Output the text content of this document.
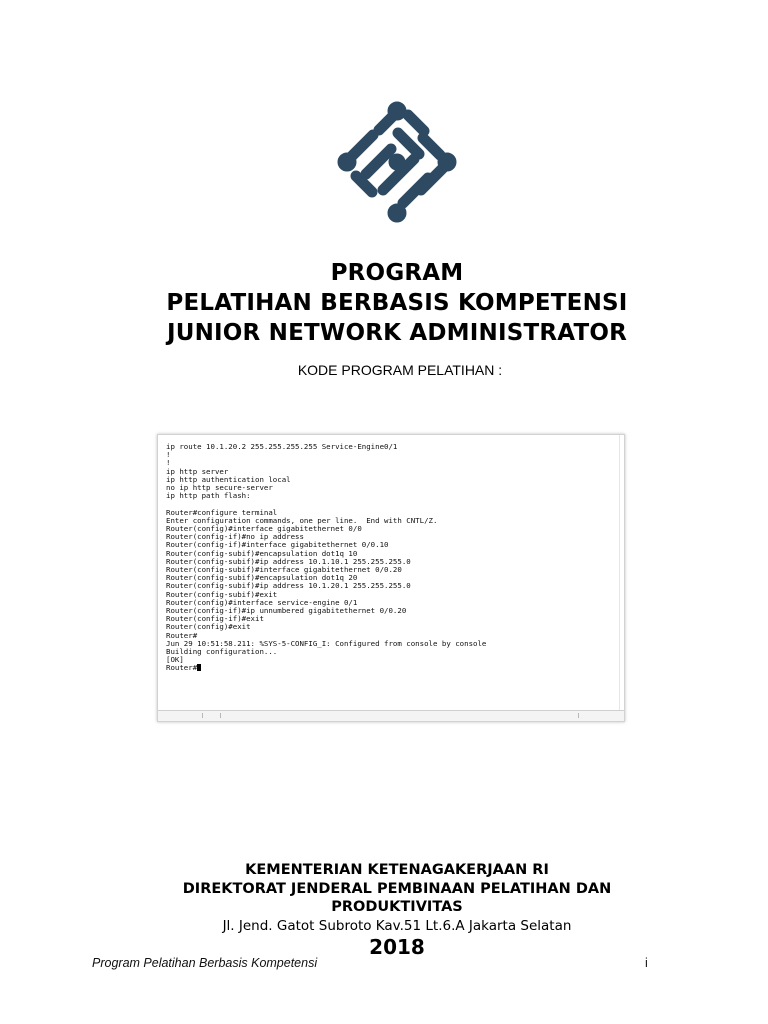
PROGRAM
PELATIHAN BERBASIS KOMPETENSI
JUNIOR NETWORK ADMINISTRATOR
KODE PROGRAM PELATIHAN :
ip route 10.1.20.2 255.255.255.255 Service-Engine0/1
!
!
ip http server
ip http authentication local
no ip http secure-server
ip http path flash:

Router#configure terminal
Enter configuration commands, one per line.  End with CNTL/Z.
Router(config)#interface gigabitethernet 0/0
Router(config-if)#no ip address
Router(config-if)#interface gigabitethernet 0/0.10
Router(config-subif)#encapsulation dot1q 10
Router(config-subif)#ip address 10.1.10.1 255.255.255.0
Router(config-subif)#interface gigabitethernet 0/0.20
Router(config-subif)#encapsulation dot1q 20
Router(config-subif)#ip address 10.1.20.1 255.255.255.0
Router(config-subif)#exit
Router(config)#interface service-engine 0/1
Router(config-if)#ip unnumbered gigabitethernet 0/0.20
Router(config-if)#exit
Router(config)#exit
Router#
Jun 29 10:51:58.211: %SYS-5-CONFIG_I: Configured from console by console
Building configuration...
[OK]
Router#
KEMENTERIAN KETENAGAKERJAAN RI
DIREKTORAT JENDERAL PEMBINAAN PELATIHAN DAN
PRODUKTIVITAS
Jl. Jend. Gatot Subroto Kav.51 Lt.6.A Jakarta Selatan
2018
Program Pelatihan Berbasis Kompetensi	i
